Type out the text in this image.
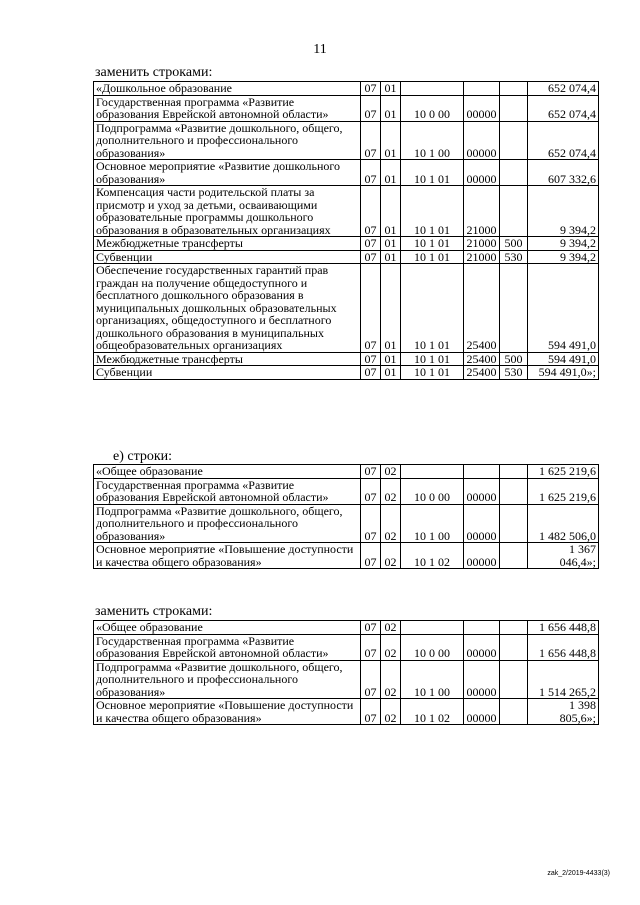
11
заменить строками:
«Дошкольное образование	07	01				652 074,4
Государственная программа «Развитие образования Еврейской автономной области»	07	01	10 0 00	00000		652 074,4
Подпрограмма «Развитие дошкольного, общего, дополнительного и профессионального образования»	07	01	10 1 00	00000		652 074,4
Основное мероприятие «Развитие дошкольного образования»	07	01	10 1 01	00000		607 332,6
Компенсация части родительской платы за присмотр и уход за детьми, осваивающими образовательные программы дошкольного образования в образовательных организациях	07	01	10 1 01	21000		9 394,2
Межбюджетные трансферты	07	01	10 1 01	21000	500	9 394,2
Субвенции	07	01	10 1 01	21000	530	9 394,2
Обеспечение государственных гарантий прав граждан на получение общедоступного и бесплатного дошкольного образования в муниципальных дошкольных образовательных организациях, общедоступного и бесплатного дошкольного образования в муниципальных общеобразовательных организациях	07	01	10 1 01	25400		594 491,0
Межбюджетные трансферты	07	01	10 1 01	25400	500	594 491,0
Субвенции	07	01	10 1 01	25400	530	594 491,0»;
е) строки:
«Общее образование	07	02				1 625 219,6
Государственная программа «Развитие образования Еврейской автономной области»	07	02	10 0 00	00000		1 625 219,6
Подпрограмма «Развитие дошкольного, общего, дополнительного и профессионального образования»	07	02	10 1 00	00000		1 482 506,0
Основное мероприятие «Повышение доступности и качества общего образования»	07	02	10 1 02	00000		1 367 046,4»;
заменить строками:
«Общее образование	07	02				1 656 448,8
Государственная программа «Развитие образования Еврейской автономной области»	07	02	10 0 00	00000		1 656 448,8
Подпрограмма «Развитие дошкольного, общего, дополнительного и профессионального образования»	07	02	10 1 00	00000		1 514 265,2
Основное мероприятие «Повышение доступности и качества общего образования»	07	02	10 1 02	00000		1 398 805,6»;
zak_2/2019-4433(3)
